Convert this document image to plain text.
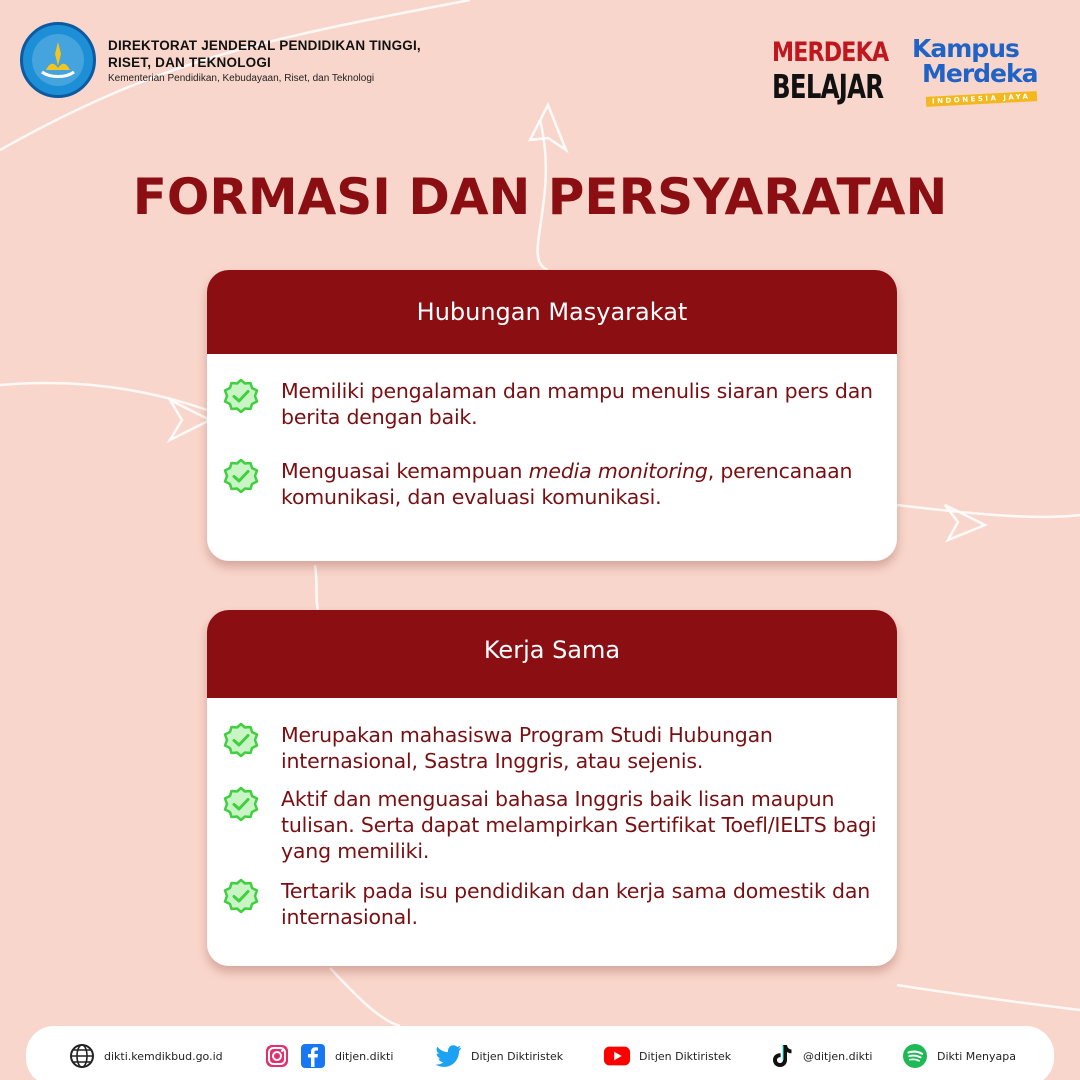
DIREKTORAT JENDERAL PENDIDIKAN TINGGI,
RISET, DAN TEKNOLOGI
Kementerian Pendidikan, Kebudayaan, Riset, dan Teknologi
MERDEKA
BELAJAR
Kampus
Merdeka
INDONESIA JAYA
FORMASI DAN PERSYARATAN
Hubungan Masyarakat
Memiliki pengalaman dan mampu menulis siaran pers dan berita dengan baik.
Menguasai kemampuan media monitoring, perencanaan komunikasi, dan evaluasi komunikasi.
Kerja Sama
Merupakan mahasiswa Program Studi Hubungan internasional, Sastra Inggris, atau sejenis.
Aktif dan menguasai bahasa Inggris baik lisan maupun tulisan. Serta dapat melampirkan Sertifikat Toefl/IELTS bagi yang memiliki.
Tertarik pada isu pendidikan dan kerja sama domestik dan internasional.
dikti.kemdikbud.go.id	ditjen.dikti	Ditjen Diktiristek	Ditjen Diktiristek	@ditjen.dikti	Dikti Menyapa
